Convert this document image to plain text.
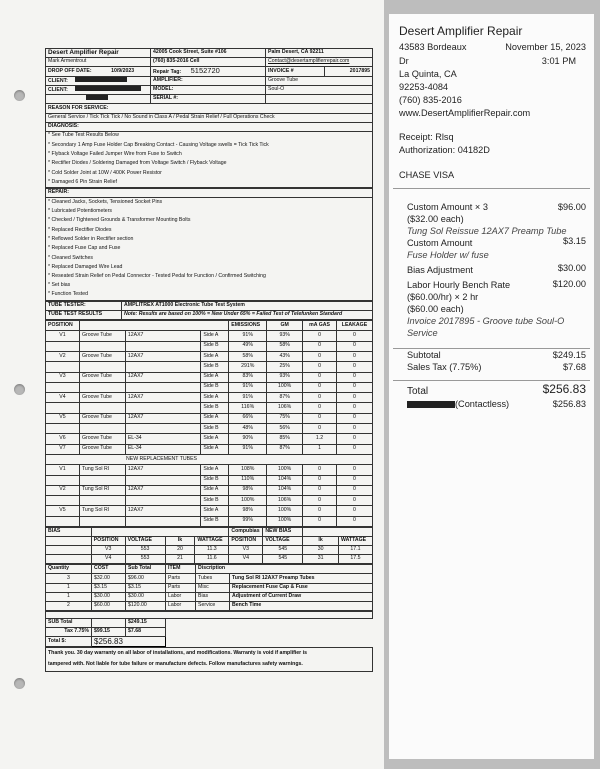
Desert Amplifier Repair	42005 Cook Street, Suite #106	Palm Desert, CA 92211	
Mark Armentrout	(760) 835-2016 Cell	Contact@desertamplifierrepair.com	
DROP OFF DATE: 10/9/2023	Repair Tag: 5152720	INVOICE #	2017895
CLIENT:	AMPLIFIER:	Groove Tube	
CLIENT:	MODEL:	Soul-O	
	SERIAL #:		
REASON FOR SERVICE:			
General Service / Tick Tick Tick / No Sound in Class A / Pedal Strain Relief / Full Operations Check			
DIAGNOSIS:			
* See Tube Test Results Below
* Secondary 1 Amp Fuse Holder Cap Breaking Contact - Causing Voltage swells = Tick Tick Tick
* Flyback Voltage Failed Jumper Wire from Fuse to Switch
* Rectifier Diodes / Soldering Damaged from Voltage Switch / Flyback Voltage
* Cold Solder Joint at 10W / 400K Power Resistor
* Damaged 6 Pin Strain Relief
REPAIR:
* Cleaned Jacks, Sockets, Tensioned Socket Pins
* Lubricated Potentiometers
* Checked / Tightened Grounds & Transformer Mounting Bolts
* Replaced Rectifier Diodes
* Reflowed Solder in Rectifier section
* Replaced Fuse Cap and Fuse
* Cleaned Switches
* Replaced Damaged Wire Lead
* Reseated Strain Relief on Pedal Connector - Tested Pedal for Function / Confirmed Switching
* Set bias
* Function Tested
TUBE TESTER:	AMPLITREX AT1000 Electronic Tube Test System
TUBE TEST RESULTS	Note: Results are based on 100% = New Under 65% = Failed Test of Telefunken Standard
POSITION				EMISSIONS	GM	mA GAS	LEAKAGE
V1	Groove Tube	12AX7	Side A	91%	93%	0	0
			Side B	49%	58%	0	0
V2	Groove Tube	12AX7	Side A	58%	43%	0	0
			Side B	291%	25%	0	0
V3	Groove Tube	12AX7	Side A	83%	93%	0	0
			Side B	91%	100%	0	0
V4	Groove Tube	12AX7	Side A	91%	87%	0	0
			Side B	116%	106%	0	0
V5	Groove Tube	12AX7	Side A	66%	75%	0	0
			Side B	48%	56%	0	0
V6	Groove Tube	EL-34	Side A	90%	85%	1.2	0
V7	Groove Tube	EL-34	Side A	91%	87%	1	0
NEW REPLACEMENT TUBES							
V1	Tung Sol RI	12AX7	Side A	108%	100%	0	0
			Side B	110%	104%	0	0
V2	Tung Sol RI	12AX7	Side A	98%	104%	0	0
			Side B	100%	106%	0	0
V5	Tung Sol RI	12AX7	Side A	98%	100%	0	0
			Side B	99%	100%	0	0
BIAS					Compubias	NEW BIAS		
	POSITION	VOLTAGE	Ik	WATTAGE	POSITION	VOLTAGE	Ik	WATTAGE
	V3	553	20	11.3	V3	545	30	17.1
	V4	553	21	11.6	V4	545	31	17.5
Quantity	COST	Sub Total	ITEM	Discription	
3	$32.00	$96.00	Parts	Tubes	Tung Sol RI 12AX7 Preamp Tubes
1	$3.15	$3.15	Parts	Misc	Replacement Fuse Cap & Fuse
1	$30.00	$30.00	Labor	Bias	Adjustment of Current Draw
2	$60.00	$120.00	Labor	Service	Bench Time

SUB Total		$249.15	
Tax 7.75%	$99.15	$7.68	
Total $:	$256.83		
Thank you. 30 day warranty on all labor of installations, and modifications. Warranty is void if amplifier is
tampered with. Not liable for tube failure or manufacture defects. Follow manufactures safety warnings.
Desert Amplifier Repair
43583 Bordeaux	November 15, 2023
Dr	3:01 PM
La Quinta, CA
92253-4084
(760) 835-2016
www.DesertAmplifierRepair.com
Receipt: Rlsq
Authorization: 04182D
CHASE VISA
Custom Amount × 3	$96.00
($32.00 each)
Tung Sol Reissue 12AX7 Preamp Tube
Custom Amount	$3.15
Fuse Holder w/ fuse
Bias Adjustment	$30.00
Labor Hourly Bench Rate	$120.00
($60.00/hr) × 2 hr
($60.00 each)
Invoice 2017895 - Groove tube Soul-O
Service
Subtotal	$249.15
Sales Tax (7.75%)	$7.68
Total	$256.83
(Contactless)	$256.83
